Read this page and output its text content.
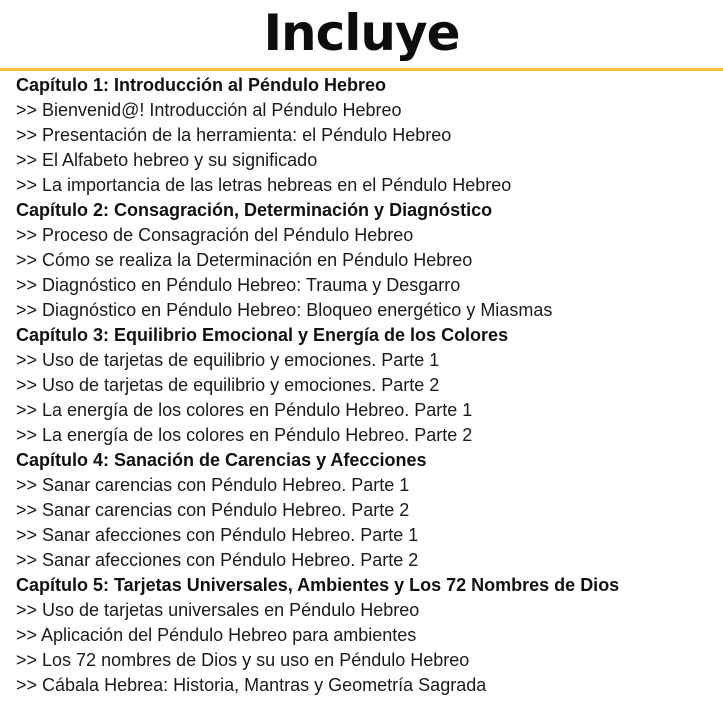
Incluye
Capítulo 1: Introducción al Péndulo Hebreo
>> Bienvenid@! Introducción al Péndulo Hebreo
>> Presentación de la herramienta: el Péndulo Hebreo
>> El Alfabeto hebreo y su significado
>> La importancia de las letras hebreas en el Péndulo Hebreo
Capítulo 2: Consagración, Determinación y Diagnóstico
>> Proceso de Consagración del Péndulo Hebreo
>> Cómo se realiza la Determinación en Péndulo Hebreo
>> Diagnóstico en Péndulo Hebreo: Trauma y Desgarro
>> Diagnóstico en Péndulo Hebreo: Bloqueo energético y Miasmas
Capítulo 3: Equilibrio Emocional y Energía de los Colores
>> Uso de tarjetas de equilibrio y emociones. Parte 1
>> Uso de tarjetas de equilibrio y emociones. Parte 2
>> La energía de los colores en Péndulo Hebreo. Parte 1
>> La energía de los colores en Péndulo Hebreo. Parte 2
Capítulo 4: Sanación de Carencias y Afecciones
>> Sanar carencias con Péndulo Hebreo. Parte 1
>> Sanar carencias con Péndulo Hebreo. Parte 2
>> Sanar afecciones con Péndulo Hebreo. Parte 1
>> Sanar afecciones con Péndulo Hebreo. Parte 2
Capítulo 5: Tarjetas Universales, Ambientes y Los 72 Nombres de Dios
>> Uso de tarjetas universales en Péndulo Hebreo
>> Aplicación del Péndulo Hebreo para ambientes
>> Los 72 nombres de Dios y su uso en Péndulo Hebreo
>> Cábala Hebrea: Historia, Mantras y Geometría Sagrada
